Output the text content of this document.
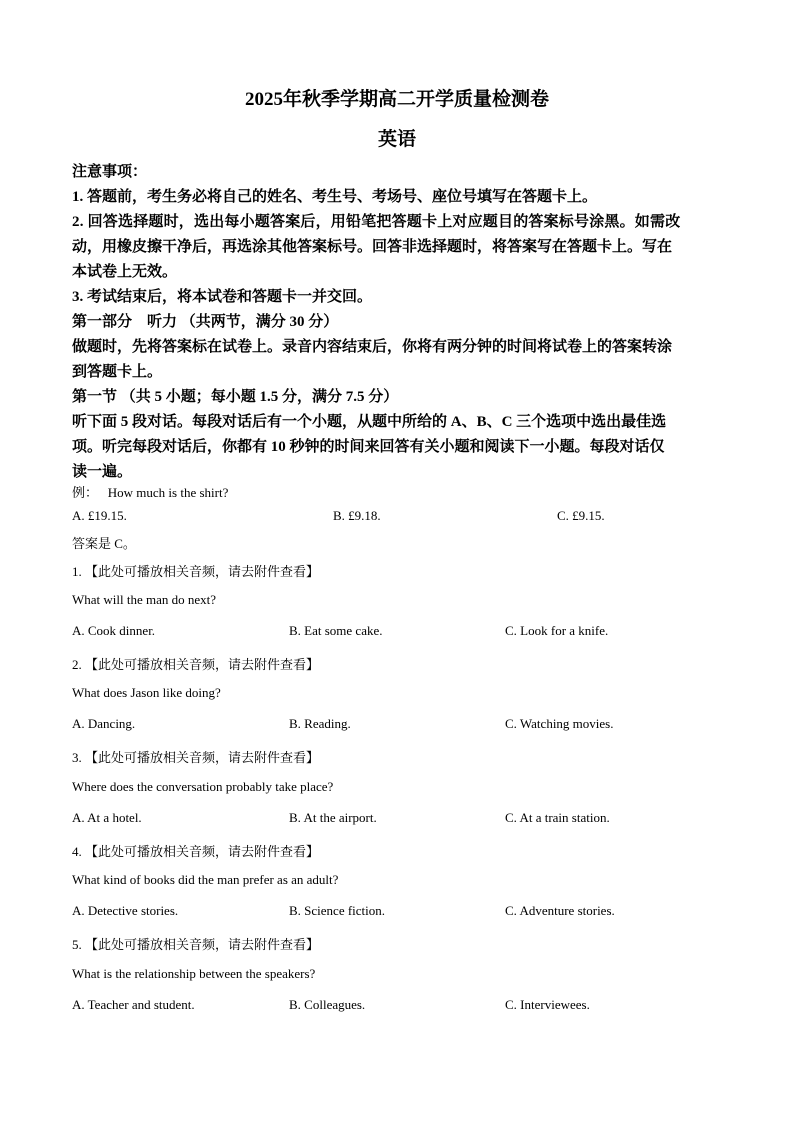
2025年秋季学期高二开学质量检测卷
英语

注意事项：

1. 答题前，考生务必将自己的姓名、考生号、考场号、座位号填写在答题卡上。

2. 回答选择题时，选出每小题答案后，用铅笔把答题卡上对应题目的答案标号涂黑。如需改

动，用橡皮擦干净后，再选涂其他答案标号。回答非选择题时，将答案写在答题卡上。写在

本试卷上无效。

3. 考试结束后，将本试卷和答题卡一并交回。

第一部分　听力 （共两节，满分 30 分）

做题时，先将答案标在试卷上。录音内容结束后，你将有两分钟的时间将试卷上的答案转涂

到答题卡上。

第一节 （共 5 小题；每小题 1.5 分，满分 7.5 分）

听下面 5 段对话。每段对话后有一个小题，从题中所给的 A、B、C 三个选项中选出最佳选

项。听完每段对话后，你都有 10 秒钟的时间来回答有关小题和阅读下一小题。每段对话仅

读一遍。

例： How much is the shirt?
A. £19.15.	B. £9.18.	C. £9.15.
答案是 C。
1. 【此处可播放相关音频，请去附件查看】
What will the man do next?
A. Cook dinner.	B. Eat some cake.	C. Look for a knife.
2. 【此处可播放相关音频，请去附件查看】
What does Jason like doing?
A. Dancing.	B. Reading.	C. Watching movies.
3. 【此处可播放相关音频，请去附件查看】
Where does the conversation probably take place?
A. At a hotel.	B. At the airport.	C. At a train station.
4. 【此处可播放相关音频，请去附件查看】
What kind of books did the man prefer as an adult?
A. Detective stories.	B. Science fiction.	C. Adventure stories.
5. 【此处可播放相关音频，请去附件查看】
What is the relationship between the speakers?
A. Teacher and student.	B. Colleagues.	C. Interviewees.
